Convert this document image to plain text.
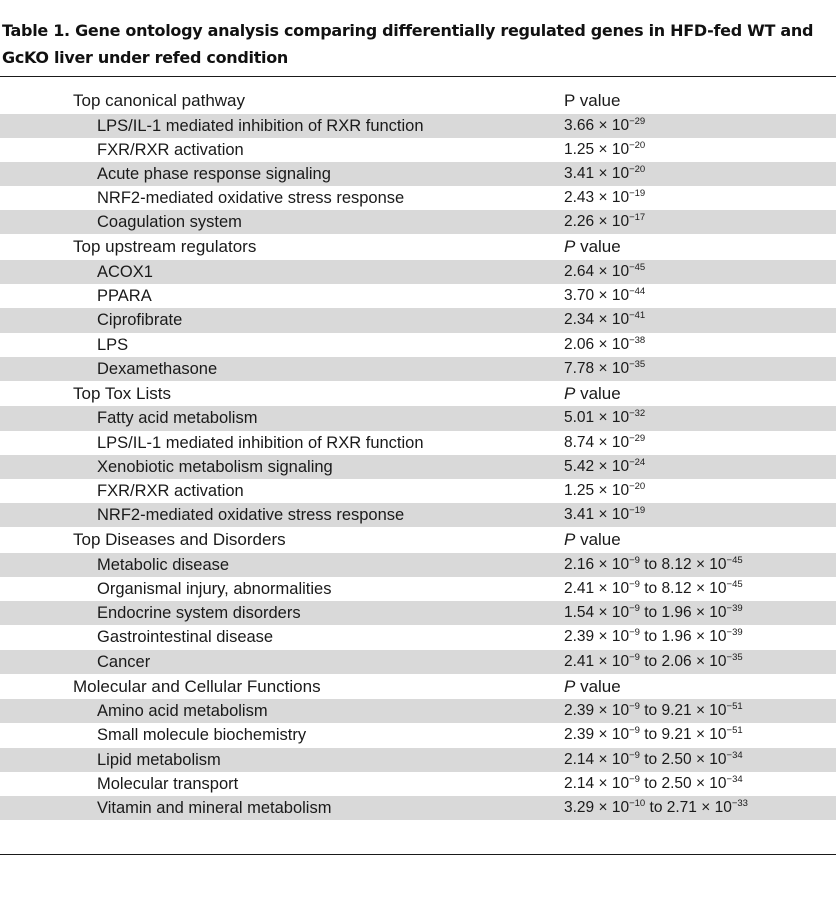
Table 1. Gene ontology analysis comparing differentially regulated genes in HFD-fed WT and GcKO liver under refed condition
Top canonical pathway	P value
LPS/IL-1 mediated inhibition of RXR function	$3.66 \times 10^{-29}$
FXR/RXR activation	$1.25 \times 10^{-20}$
Acute phase response signaling	$3.41 \times 10^{-20}$
NRF2-mediated oxidative stress response	$2.43 \times 10^{-19}$
Coagulation system	$2.26 \times 10^{-17}$
Top upstream regulators	P value
ACOX1	$2.64 \times 10^{-45}$
PPARA	$3.70 \times 10^{-44}$
Ciprofibrate	$2.34 \times 10^{-41}$
LPS	$2.06 \times 10^{-38}$
Dexamethasone	$7.78 \times 10^{-35}$
Top Tox Lists	P value
Fatty acid metabolism	$5.01 \times 10^{-32}$
LPS/IL-1 mediated inhibition of RXR function	$8.74 \times 10^{-29}$
Xenobiotic metabolism signaling	$5.42 \times 10^{-24}$
FXR/RXR activation	$1.25 \times 10^{-20}$
NRF2-mediated oxidative stress response	$3.41 \times 10^{-19}$
Top Diseases and Disorders	P value
Metabolic disease	$2.16 \times 10^{-9}$ to $8.12 \times 10^{-45}$
Organismal injury, abnormalities	$2.41 \times 10^{-9}$ to $8.12 \times 10^{-45}$
Endocrine system disorders	$1.54 \times 10^{-9}$ to $1.96 \times 10^{-39}$
Gastrointestinal disease	$2.39 \times 10^{-9}$ to $1.96 \times 10^{-39}$
Cancer	$2.41 \times 10^{-9}$ to $2.06 \times 10^{-35}$
Molecular and Cellular Functions	P value
Amino acid metabolism	$2.39 \times 10^{-9}$ to $9.21 \times 10^{-51}$
Small molecule biochemistry	$2.39 \times 10^{-9}$ to $9.21 \times 10^{-51}$
Lipid metabolism	$2.14 \times 10^{-9}$ to $2.50 \times 10^{-34}$
Molecular transport	$2.14 \times 10^{-9}$ to $2.50 \times 10^{-34}$
Vitamin and mineral metabolism	$3.29 \times 10^{-10}$ to $2.71 \times 10^{-33}$
